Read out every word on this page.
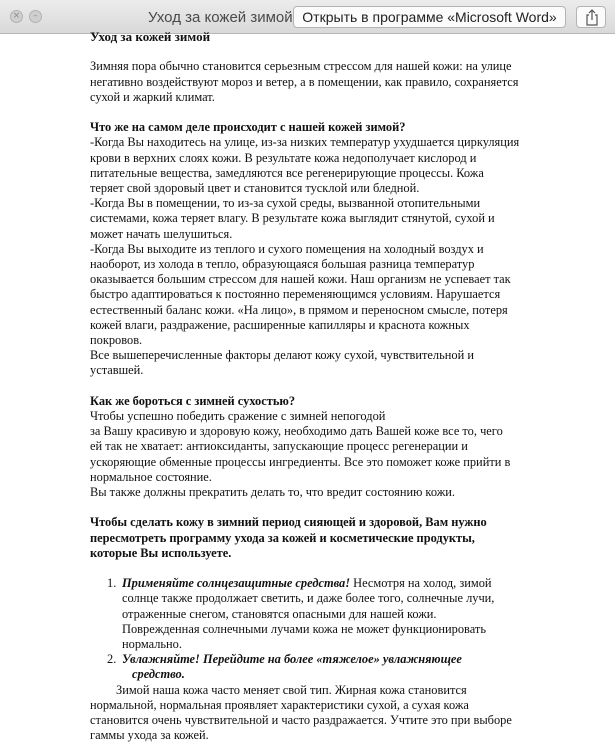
×	–	Уход за кожей зимой Открыть в программе «Microsoft Word»

Уход за кожей зимой

Зимняя пора обычно становится серьезным стрессом для нашей кожи: на улице

негативно воздействуют мороз и ветер, а в помещении, как правило, сохраняется

сухой и жаркий климат.

Что же на самом деле происходит с нашей кожей зимой?

-Когда Вы находитесь на улице, из-за низких температур ухудшается циркуляция

крови в верхних слоях кожи. В результате кожа недополучает кислород и

питательные вещества, замедляются все регенерирующие процессы. Кожа

теряет свой здоровый цвет и становится тусклой или бледной.

-Когда Вы в помещении, то из-за сухой среды, вызванной отопительными

системами, кожа теряет влагу. В результате кожа выглядит стянутой, сухой и

может начать шелушиться.

-Когда Вы выходите из теплого и сухого помещения на холодный воздух и

наоборот, из холода в тепло, образующаяся большая разница температур

оказывается большим стрессом для нашей кожи. Наш организм не успевает так

быстро адаптироваться к постоянно переменяющимся условиям. Нарушается

естественный баланс кожи. «На лицо», в прямом и переносном смысле, потеря

кожей влаги, раздражение, расширенные капилляры и краснота кожных

покровов.

Все вышеперечисленные факторы делают кожу сухой, чувствительной и

уставшей.

Как же бороться с зимней сухостью?

Чтобы успешно победить сражение с зимней непогодой

за Вашу красивую и здоровую кожу, необходимо дать Вашей коже все то, чего

ей так не хватает: антиоксиданты, запускающие процесс регенерации и

ускоряющие обменные процессы ингредиенты. Все это поможет коже прийти в

нормальное состояние.

Вы также должны прекратить делать то, что вредит состоянию кожи.

Чтобы сделать кожу в зимний период сияющей и здоровой, Вам нужно

пересмотреть программу ухода за кожей и косметические продукты,

которые Вы используете.

1. Применяйте солнцезащитные средства! Несмотря на холод, зимой

солнце также продолжает светить, и даже более того, солнечные лучи,

отраженные снегом, становятся опасными для нашей кожи.

Поврежденная солнечными лучами кожа не может функционировать

нормально.

2. Увлажняйте! Перейдите на более «тяжелое» увлажняющее

средство.

Зимой наша кожа часто меняет свой тип. Жирная кожа становится

нормальной, нормальная проявляет характеристики сухой, а сухая кожа

становится очень чувствительной и часто раздражается. Учтите это при выборе

гаммы ухода за кожей.
